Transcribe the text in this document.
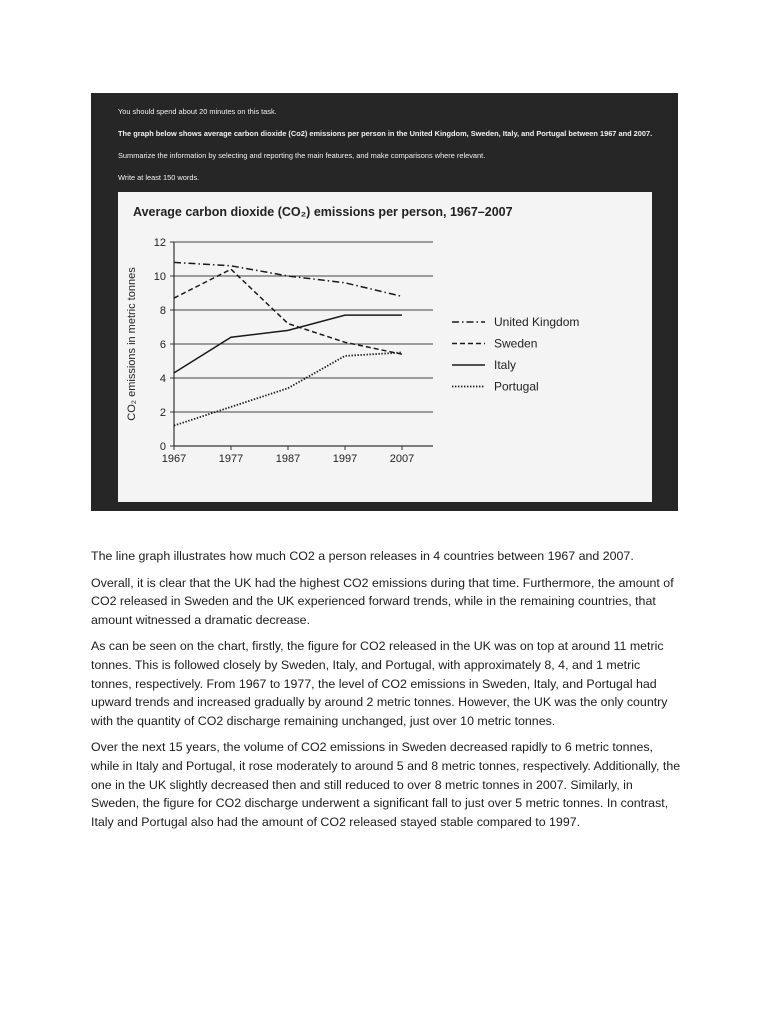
You should spend about 20 minutes on this task.
The graph below shows average carbon dioxide (Co2) emissions per person in the United Kingdom, Sweden, Italy, and Portugal between 1967 and 2007.
Summarize the information by selecting and reporting the main features, and make comparisons where relevant.
Write at least 150 words.
Average carbon dioxide (CO₂) emissions per person, 1967–2007
0
2
4
6
8
10
12
1967	1977	1987	1997	2007
CO₂ emissions in metric tonnes	United Kingdom
Sweden
Italy
Portugal

The line graph illustrates how much CO2 a person releases in 4 countries between 1967 and 2007.

Overall, it is clear that the UK had the highest CO2 emissions during that time. Furthermore, the amount of CO2 released in Sweden and the UK experienced forward trends, while in the remaining countries, that amount witnessed a dramatic decrease.

As can be seen on the chart, firstly, the figure for CO2 released in the UK was on top at around 11 metric tonnes. This is followed closely by Sweden, Italy, and Portugal, with approximately 8, 4, and 1 metric tonnes, respectively. From 1967 to 1977, the level of CO2 emissions in Sweden, Italy, and Portugal had upward trends and increased gradually by around 2 metric tonnes. However, the UK was the only country with the quantity of CO2 discharge remaining unchanged, just over 10 metric tonnes.

Over the next 15 years, the volume of CO2 emissions in Sweden decreased rapidly to 6 metric tonnes, while in Italy and Portugal, it rose moderately to around 5 and 8 metric tonnes, respectively. Additionally, the one in the UK slightly decreased then and still reduced to over 8 metric tonnes in 2007. Similarly, in Sweden, the figure for CO2 discharge underwent a significant fall to just over 5 metric tonnes. In contrast, Italy and Portugal also had the amount of CO2 released stayed stable compared to 1997.
